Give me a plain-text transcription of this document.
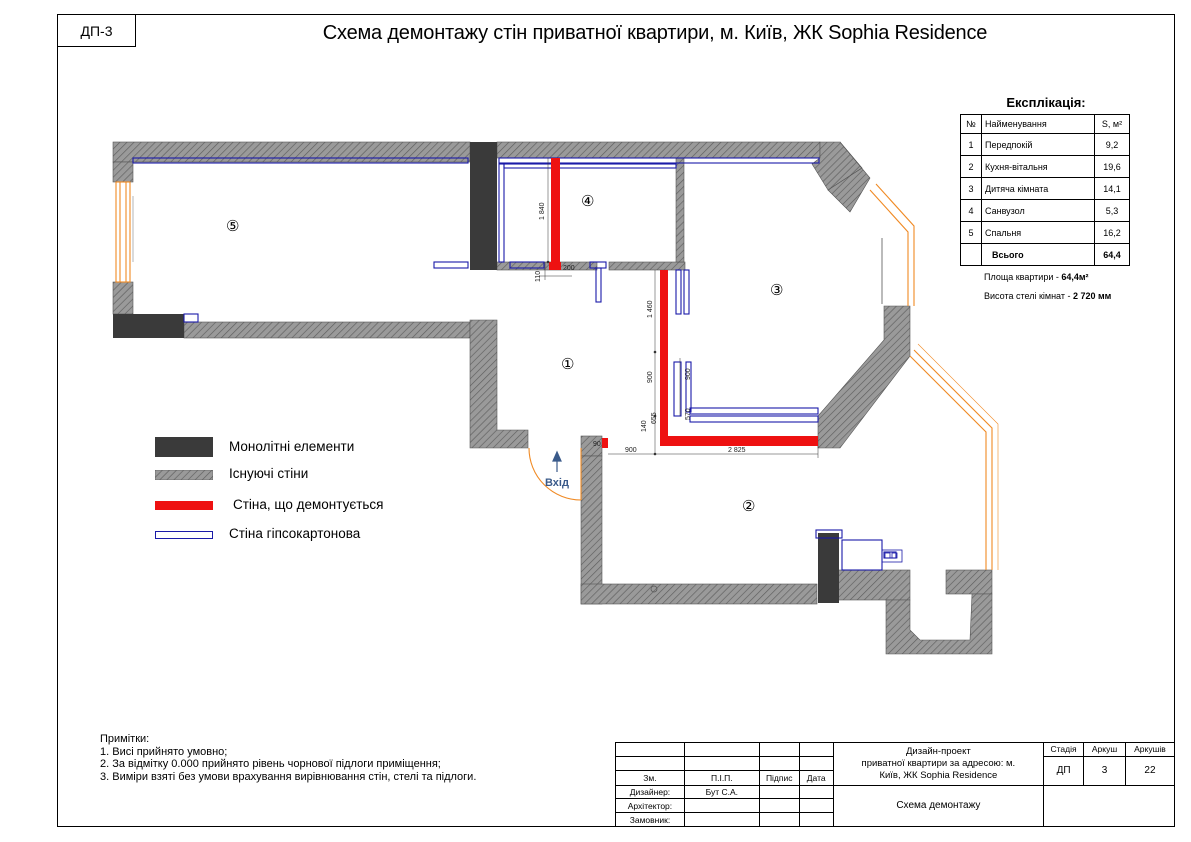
ДП-3	Схема демонтажу стін приватної квартири, м. Київ, ЖК Sophia Residence
1 840
110
200
1 460
900	900
570
655
140
900	2 825
90
Вхід
①
②
③
④
⑤
Експлікація:
№	Найменування	S, м²
1	Передпокій	9,2
2	Кухня-вітальня	19,6
3	Дитяча кімната	14,1
4	Санвузол	5,3
5	Спальня	16,2
	Всього	64,4
Площа квартири - 64,4м²
Висота стелі кімнат - 2 720 мм
Монолітні елементи
Існуючі стіни
Стіна, що демонтується
Стіна гіпсокартонова
Примітки:
1. Висі прийнято умовно;
2. За відмітку 0.000 прийнято рівень чорнової підлоги приміщення;
3. Виміри взяті без умови врахування вирівнювання стін, стелі та підлоги.

				Дизайн-проект
приватної квартири за адресою: м.
Київ, ЖК Sophia Residence	Стадія	Аркуш	Аркушів
					ДП	3	22
Зм.	П.І.П.	Підпис	Дата				
Дизайнер:	Бут С.А.			Схема демонтажу			
Архітектор:							
Замовник:							
